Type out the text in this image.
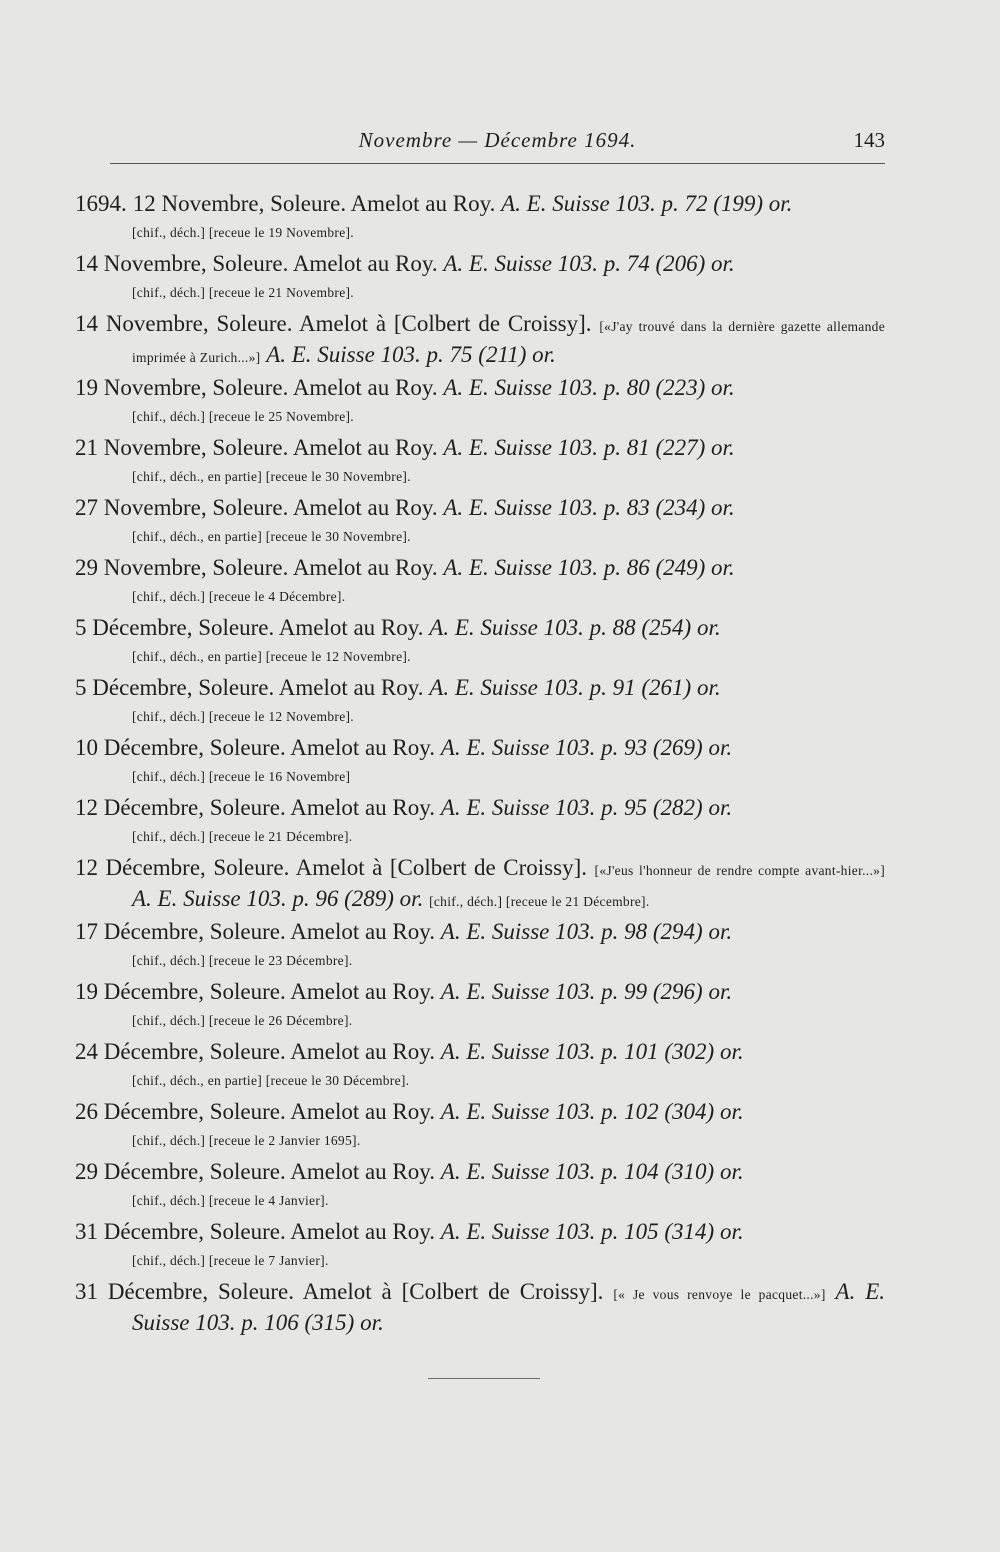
Novembre — Décembre 1694.	143
1694. 12 Novembre, Soleure. Amelot au Roy. A. E. Suisse 103. p. 72 (199) or.
[chif., déch.] [receue le 19 Novembre].
14 Novembre, Soleure. Amelot au Roy. A. E. Suisse 103. p. 74 (206) or.
[chif., déch.] [receue le 21 Novembre].
14 Novembre, Soleure. Amelot à [Colbert de Croissy]. [«J'ay trouvé dans la dernière gazette allemande imprimée à Zurich...»] A. E. Suisse 103. p. 75 (211) or.
19 Novembre, Soleure. Amelot au Roy. A. E. Suisse 103. p. 80 (223) or.
[chif., déch.] [receue le 25 Novembre].
21 Novembre, Soleure. Amelot au Roy. A. E. Suisse 103. p. 81 (227) or.
[chif., déch., en partie] [receue le 30 Novembre].
27 Novembre, Soleure. Amelot au Roy. A. E. Suisse 103. p. 83 (234) or.
[chif., déch., en partie] [receue le 30 Novembre].
29 Novembre, Soleure. Amelot au Roy. A. E. Suisse 103. p. 86 (249) or.
[chif., déch.] [receue le 4 Décembre].
5 Décembre, Soleure. Amelot au Roy. A. E. Suisse 103. p. 88 (254) or.
[chif., déch., en partie] [receue le 12 Novembre].
5 Décembre, Soleure. Amelot au Roy. A. E. Suisse 103. p. 91 (261) or.
[chif., déch.] [receue le 12 Novembre].
10 Décembre, Soleure. Amelot au Roy. A. E. Suisse 103. p. 93 (269) or.
[chif., déch.] [receue le 16 Novembre]
12 Décembre, Soleure. Amelot au Roy. A. E. Suisse 103. p. 95 (282) or.
[chif., déch.] [receue le 21 Décembre].
12 Décembre, Soleure. Amelot à [Colbert de Croissy]. [«J'eus l'honneur de rendre compte avant-hier...»] A. E. Suisse 103. p. 96 (289) or. [chif., déch.] [receue le 21 Décembre].
17 Décembre, Soleure. Amelot au Roy. A. E. Suisse 103. p. 98 (294) or.
[chif., déch.] [receue le 23 Décembre].
19 Décembre, Soleure. Amelot au Roy. A. E. Suisse 103. p. 99 (296) or.
[chif., déch.] [receue le 26 Décembre].
24 Décembre, Soleure. Amelot au Roy. A. E. Suisse 103. p. 101 (302) or.
[chif., déch., en partie] [receue le 30 Décembre].
26 Décembre, Soleure. Amelot au Roy. A. E. Suisse 103. p. 102 (304) or.
[chif., déch.] [receue le 2 Janvier 1695].
29 Décembre, Soleure. Amelot au Roy. A. E. Suisse 103. p. 104 (310) or.
[chif., déch.] [receue le 4 Janvier].
31 Décembre, Soleure. Amelot au Roy. A. E. Suisse 103. p. 105 (314) or.
[chif., déch.] [receue le 7 Janvier].
31 Décembre, Soleure. Amelot à [Colbert de Croissy]. [« Je vous renvoye le pacquet...»] A. E. Suisse 103. p. 106 (315) or.
